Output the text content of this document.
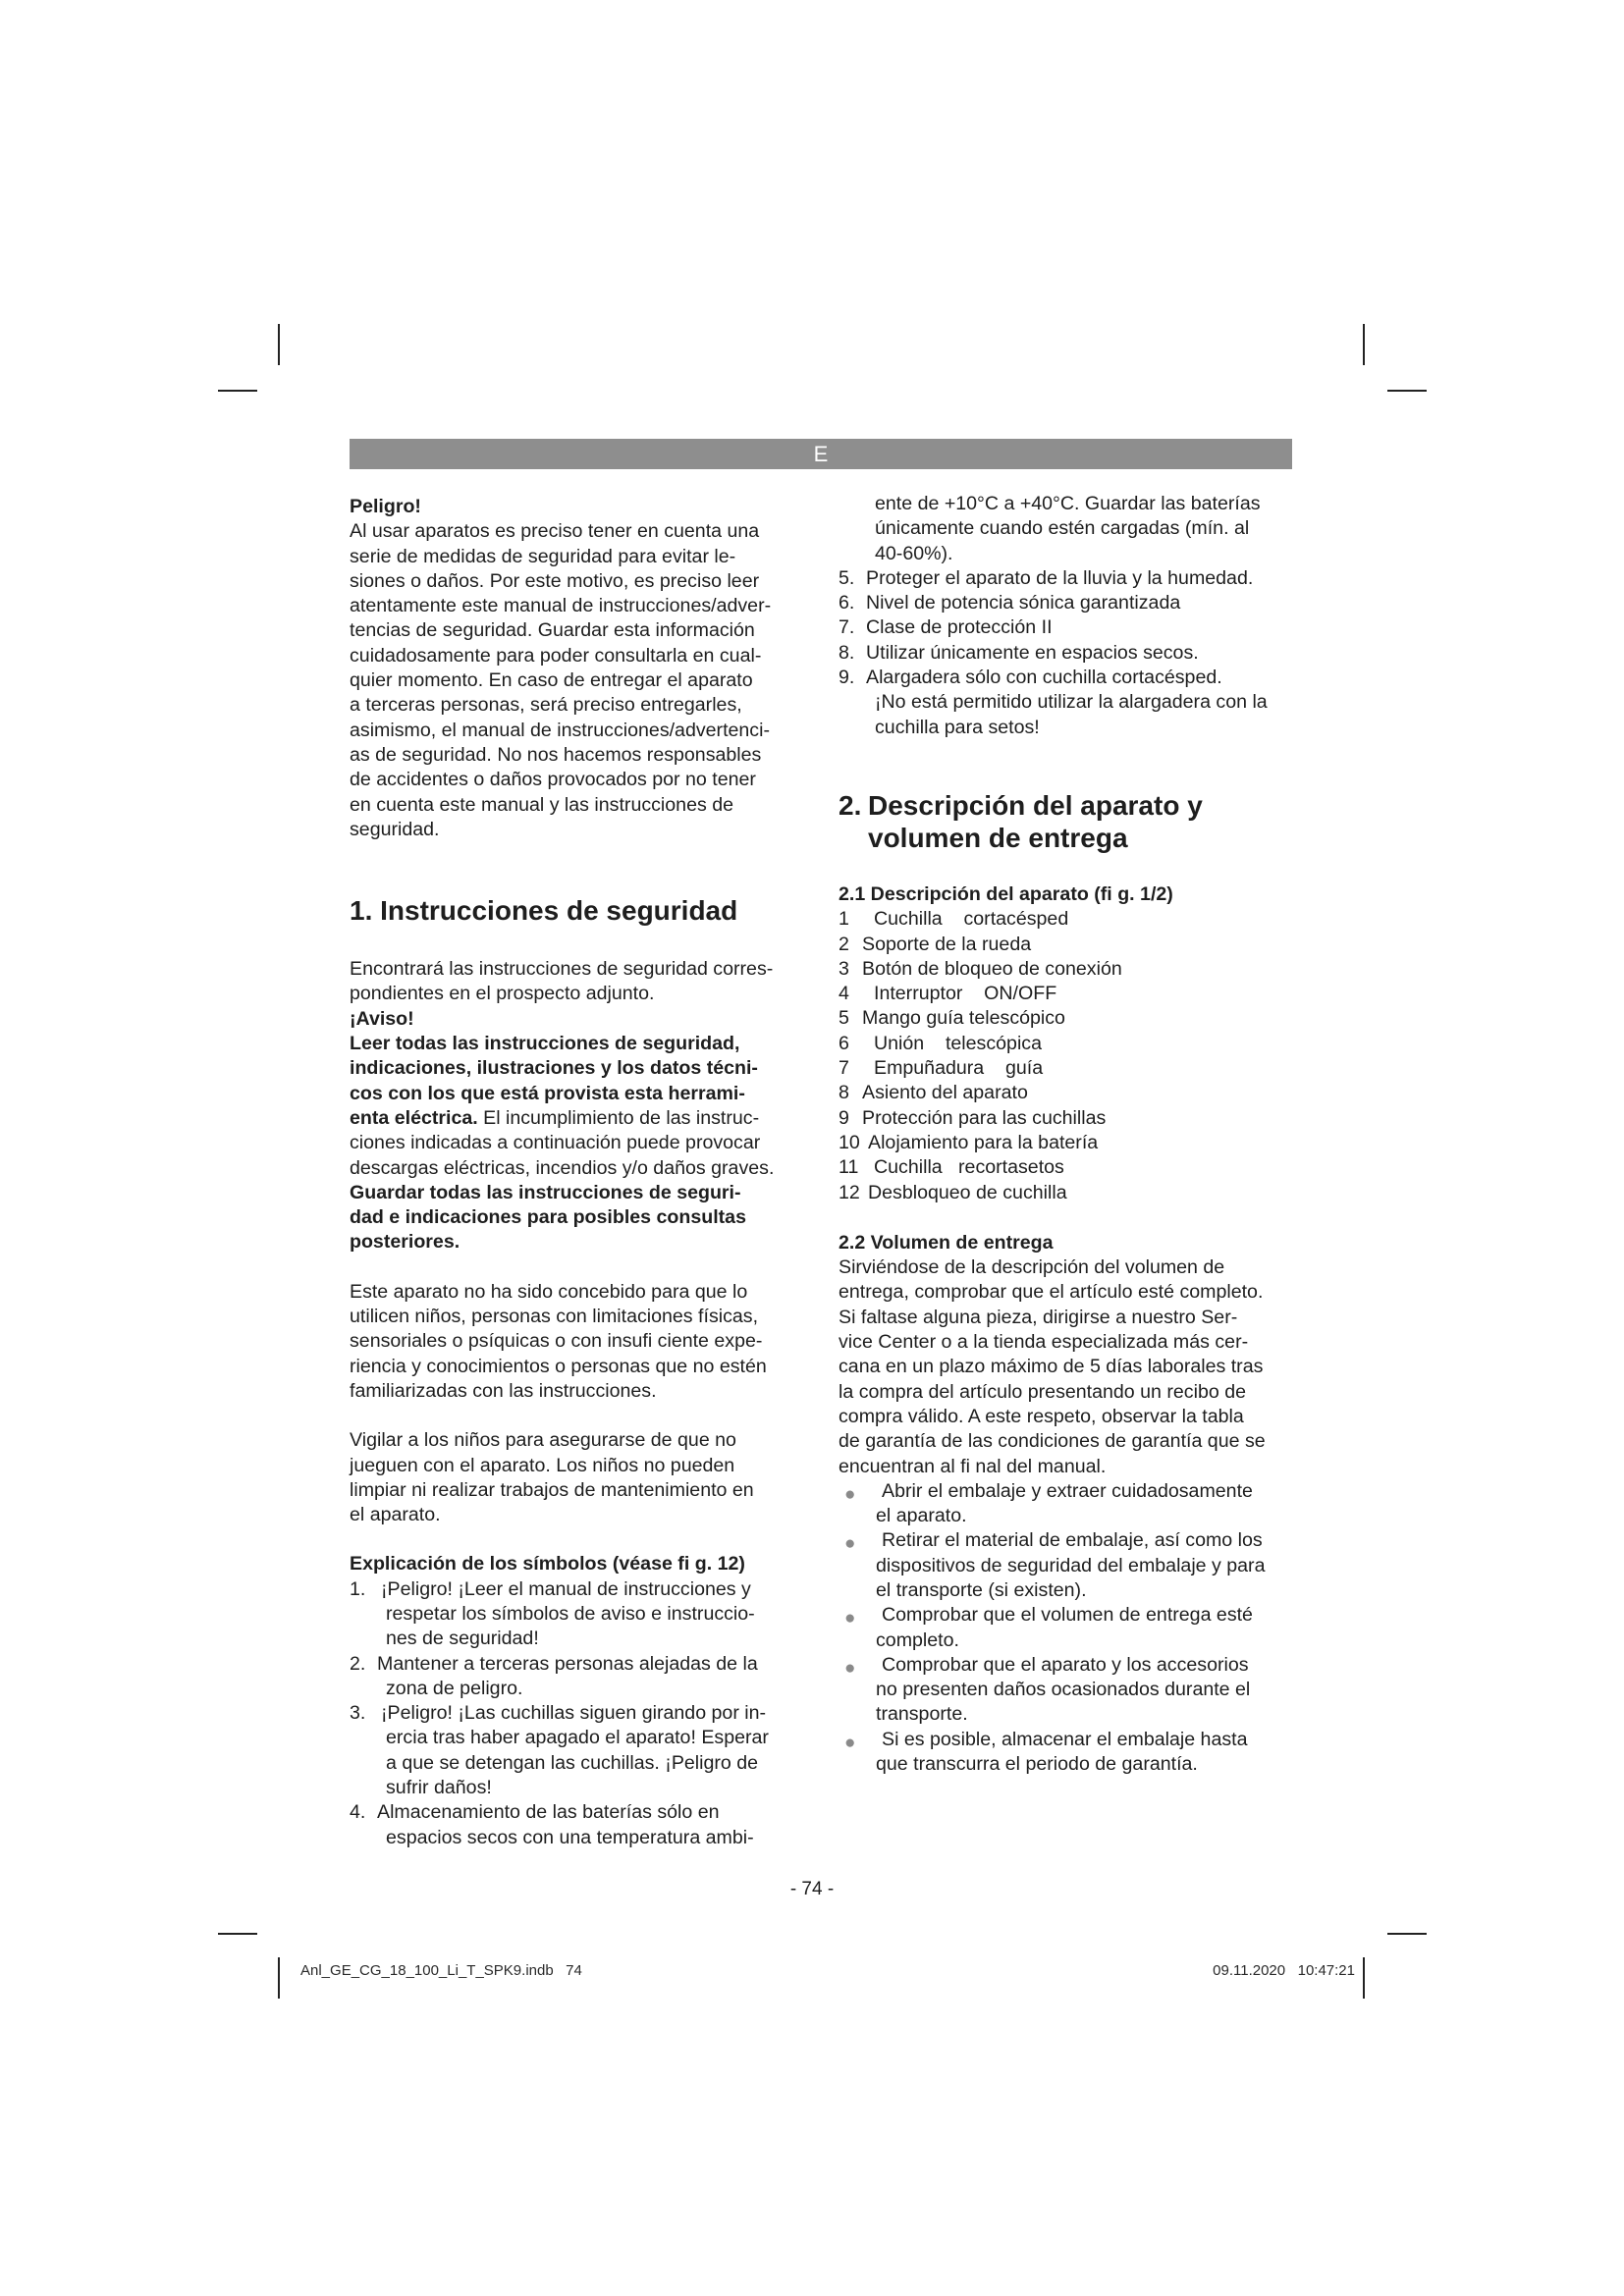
E

Peligro!

Al usar aparatos es preciso tener en cuenta una

serie de medidas de seguridad para evitar le-

siones o daños. Por este motivo, es preciso leer

atentamente este manual de instrucciones/adver-

tencias de seguridad. Guardar esta información

cuidadosamente para poder consultarla en cual-

quier momento. En caso de entregar el aparato

a terceras personas, será preciso entregarles,

asimismo, el manual de instrucciones/advertenci-

as de seguridad. No nos hacemos responsables

de accidentes o daños provocados por no tener

en cuenta este manual y las instrucciones de

seguridad.

1. Instrucciones de seguridad

Encontrará las instrucciones de seguridad corres-

pondientes en el prospecto adjunto.

¡Aviso!

Leer todas las instrucciones de seguridad,

indicaciones, ilustraciones y los datos técni-

cos con los que está provista esta herrami-

enta eléctrica. El incumplimiento de las instruc-

ciones indicadas a continuación puede provocar

descargas eléctricas, incendios y/o daños graves.

Guardar todas las instrucciones de seguri-

dad e indicaciones para posibles consultas

posteriores.

Este aparato no ha sido concebido para que lo

utilicen niños, personas con limitaciones físicas,

sensoriales o psíquicas o con insufi ciente expe-

riencia y conocimientos o personas que no estén

familiarizadas con las instrucciones.

Vigilar a los niños para asegurarse de que no

jueguen con el aparato. Los niños no pueden

limpiar ni realizar trabajos de mantenimiento en

el aparato.

Explicación de los símbolos (véase fi g. 12)

1. ¡Peligro! ¡Leer el manual de instrucciones y
respetar los símbolos de aviso e instruccio-
nes de seguridad!
2. Mantener a terceras personas alejadas de la
zona de peligro.
3. ¡Peligro! ¡Las cuchillas siguen girando por in-
ercia tras haber apagado el aparato! Esperar
a que se detengan las cuchillas. ¡Peligro de
sufrir daños!
4. Almacenamiento de las baterías sólo en
espacios secos con una temperatura ambi-

ente de +10°C a +40°C. Guardar las baterías

únicamente cuando estén cargadas (mín. al

40-60%).

5. Proteger el aparato de la lluvia y la humedad.
6. Nivel de potencia sónica garantizada
7. Clase de protección II
8. Utilizar únicamente en espacios secos.
9. Alargadera sólo con cuchilla cortacésped.
¡No está permitido utilizar la alargadera con la
cuchilla para setos!
2. Descripción del aparato y
volumen de entrega

2.1 Descripción del aparato (fi g. 1/2)

1 Cuchilla    cortacésped
2 Soporte de la rueda
3 Botón de bloqueo de conexión
4 Interruptor    ON/OFF
5 Mango guía telescópico
6 Unión    telescópica
7 Empuñadura    guía
8 Asiento del aparato
9 Protección para las cuchillas
10 Alojamiento para la batería
11 Cuchilla   recortasetos
12 Desbloqueo de cuchilla

2.2 Volumen de entrega

Sirviéndose de la descripción del volumen de

entrega, comprobar que el artículo esté completo.

Si faltase alguna pieza, dirigirse a nuestro Ser-

vice Center o a la tienda especializada más cer-

cana en un plazo máximo de 5 días laborales tras

la compra del artículo presentando un recibo de

compra válido. A este respeto, observar la tabla

de garantía de las condiciones de garantía que se

encuentran al fi nal del manual.

● Abrir el embalaje y extraer cuidadosamente
el aparato.
● Retirar el material de embalaje, así como los
dispositivos de seguridad del embalaje y para
el transporte (si existen).
● Comprobar que el volumen de entrega esté
completo.
● Comprobar que el aparato y los accesorios
no presenten daños ocasionados durante el
transporte.
● Si es posible, almacenar el embalaje hasta
que transcurra el periodo de garantía.
- 74 -
Anl_GE_CG_18_100_Li_T_SPK9.indb   74	09.11.2020   10:47:21
